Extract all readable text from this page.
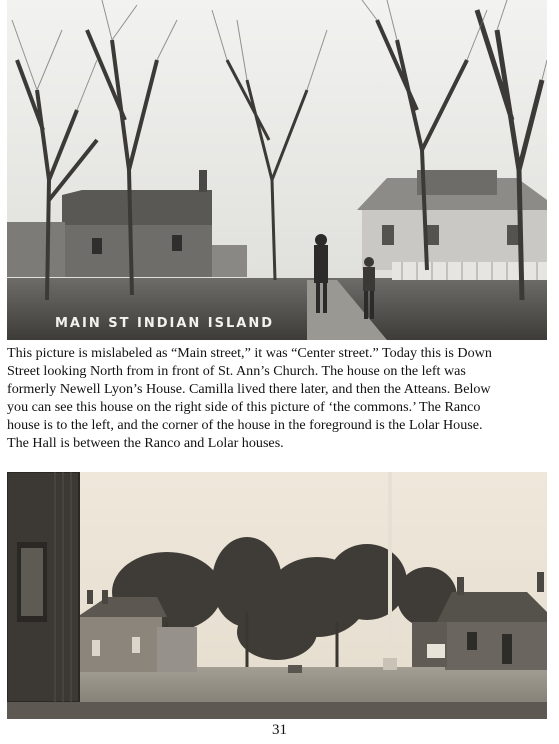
MAIN ST INDIAN ISLAND

This picture is mislabeled as “Main street,” it was “Center street.” Today this is Down
Street looking North from in front of St. Ann’s Church. The house on the left was
formerly Newell Lyon’s House. Camilla lived there later, and then the Atteans. Below
you can see this house on the right side of this picture of ‘the commons.’ The Ranco
house is to the left, and the corner of the house in the foreground is the Lolar House.
The Hall is between the Ranco and Lolar houses.

31
